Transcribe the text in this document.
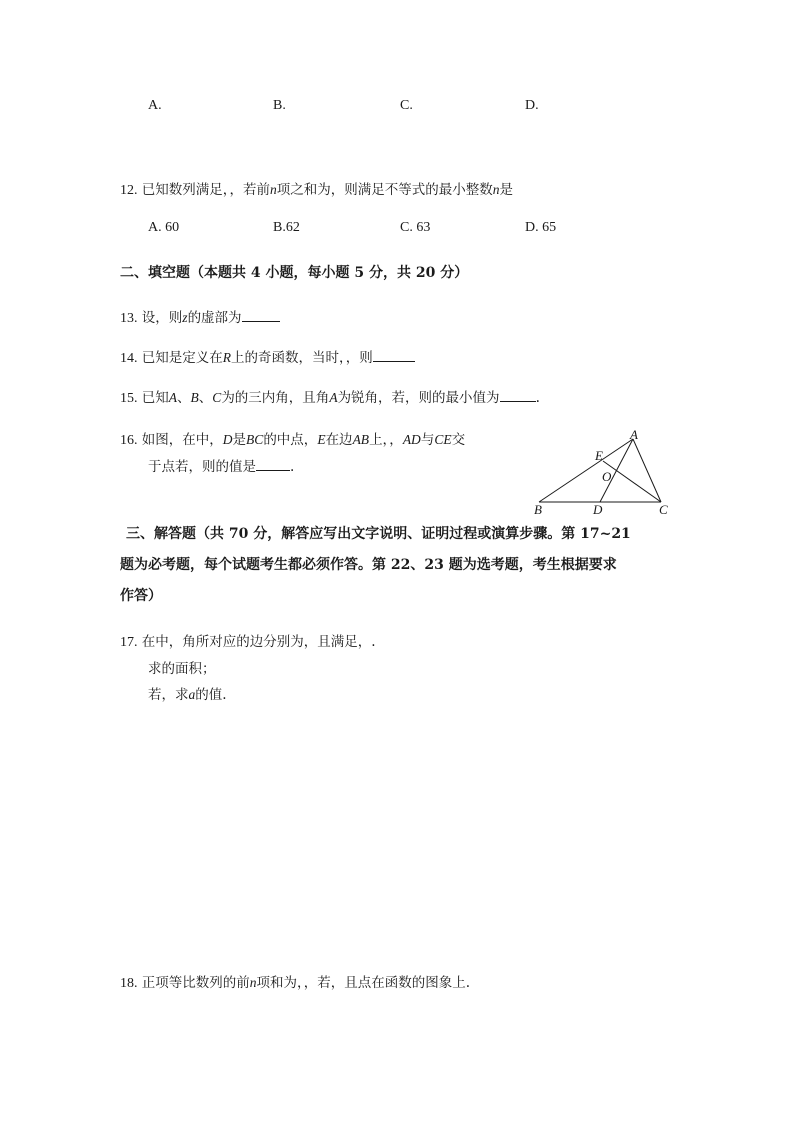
A.	B.	C.	D.
12. 已知数列满足，，若前n项之和为，则满足不等式的最小整数n是
A. 60	B.62	C. 63	D. 65
二、填空题（本题共 4 小题，每小题 5 分，共 20 分）
13. 设，则z的虚部为
14. 已知是定义在R上的奇函数，当时，，则
15. 已知A、B、C为的三内角，且角A为锐角，若，则的最小值为	.
16. 如图，在中，D是BC的中点，E在边AB上，，AD与CE交
于点若，则的值是	.
A
B	C
D
E
O
三、解答题（共 70 分，解答应写出文字说明、证明过程或演算步骤。第 17~21
题为必考题，每个试题考生都必须作答。第 22、23 题为选考题，考生根据要求
作答）
17. 在中，角所对应的边分别为，且满足，.
求的面积；
若，求a的值.
18. 正项等比数列的前n项和为，，若，且点在函数的图象上.
